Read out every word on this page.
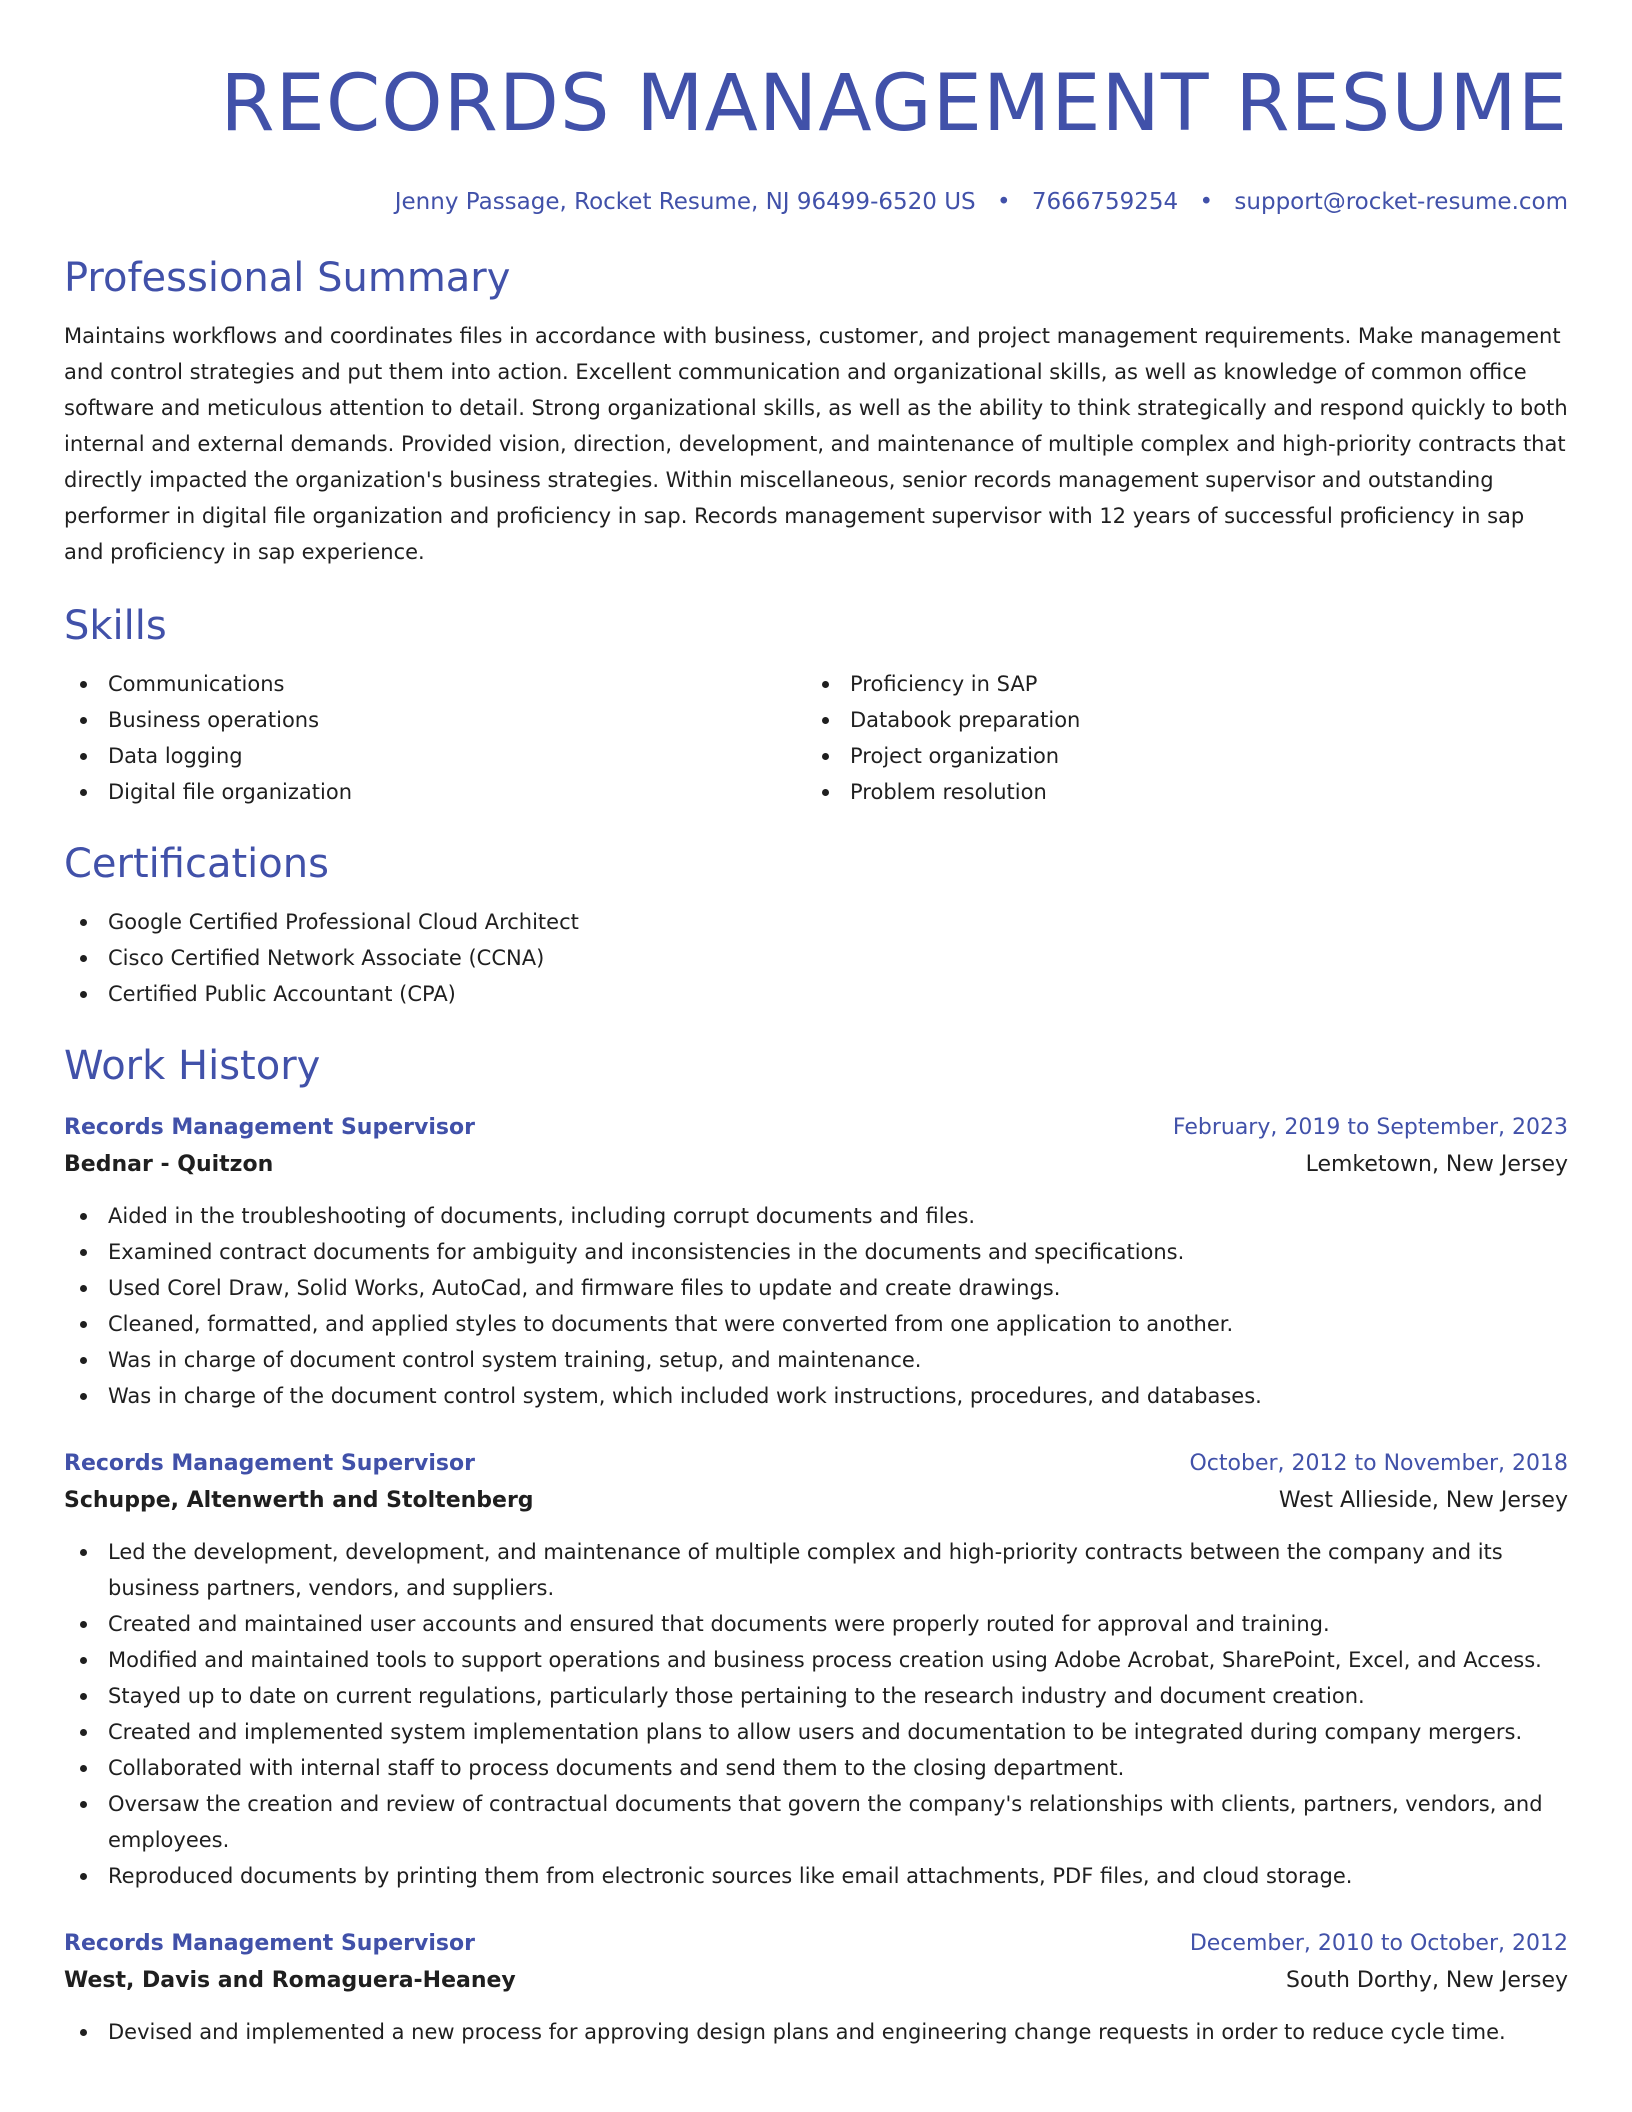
RECORDS MANAGEMENT RESUME
Jenny Passage, Rocket Resume, NJ 96499-6520 US • 7666759254 • support@rocket-resume.com
Professional Summary

Maintains workflows and coordinates files in accordance with business, customer, and project management requirements. Make management and control strategies and put them into action. Excellent communication and organizational skills, as well as knowledge of common office software and meticulous attention to detail. Strong organizational skills, as well as the ability to think strategically and respond quickly to both internal and external demands. Provided vision, direction, development, and maintenance of multiple complex and high-priority contracts that directly impacted the organization's business strategies. Within miscellaneous, senior records management supervisor and outstanding performer in digital file organization and proficiency in sap. Records management supervisor with 12 years of successful proficiency in sap and proficiency in sap experience.

Skills
Communications
Business operations
Data logging
Digital file organization
Proficiency in SAP
Databook preparation
Project organization
Problem resolution
Certifications
Google Certified Professional Cloud Architect
Cisco Certified Network Associate (CCNA)
Certified Public Accountant (CPA)
Work History
Records Management Supervisor	February, 2019 to September, 2023
Bednar - Quitzon	Lemketown, New Jersey
Aided in the troubleshooting of documents, including corrupt documents and files.
Examined contract documents for ambiguity and inconsistencies in the documents and specifications.
Used Corel Draw, Solid Works, AutoCad, and firmware files to update and create drawings.
Cleaned, formatted, and applied styles to documents that were converted from one application to another.
Was in charge of document control system training, setup, and maintenance.
Was in charge of the document control system, which included work instructions, procedures, and databases.
Records Management Supervisor	October, 2012 to November, 2018
Schuppe, Altenwerth and Stoltenberg	West Allieside, New Jersey
Led the development, development, and maintenance of multiple complex and high-priority contracts between the company and its business partners, vendors, and suppliers.
Created and maintained user accounts and ensured that documents were properly routed for approval and training.
Modified and maintained tools to support operations and business process creation using Adobe Acrobat, SharePoint, Excel, and Access.
Stayed up to date on current regulations, particularly those pertaining to the research industry and document creation.
Created and implemented system implementation plans to allow users and documentation to be integrated during company mergers.
Collaborated with internal staff to process documents and send them to the closing department.
Oversaw the creation and review of contractual documents that govern the company's relationships with clients, partners, vendors, and employees.
Reproduced documents by printing them from electronic sources like email attachments, PDF files, and cloud storage.
Records Management Supervisor	December, 2010 to October, 2012
West, Davis and Romaguera-Heaney	South Dorthy, New Jersey
Devised and implemented a new process for approving design plans and engineering change requests in order to reduce cycle time.
